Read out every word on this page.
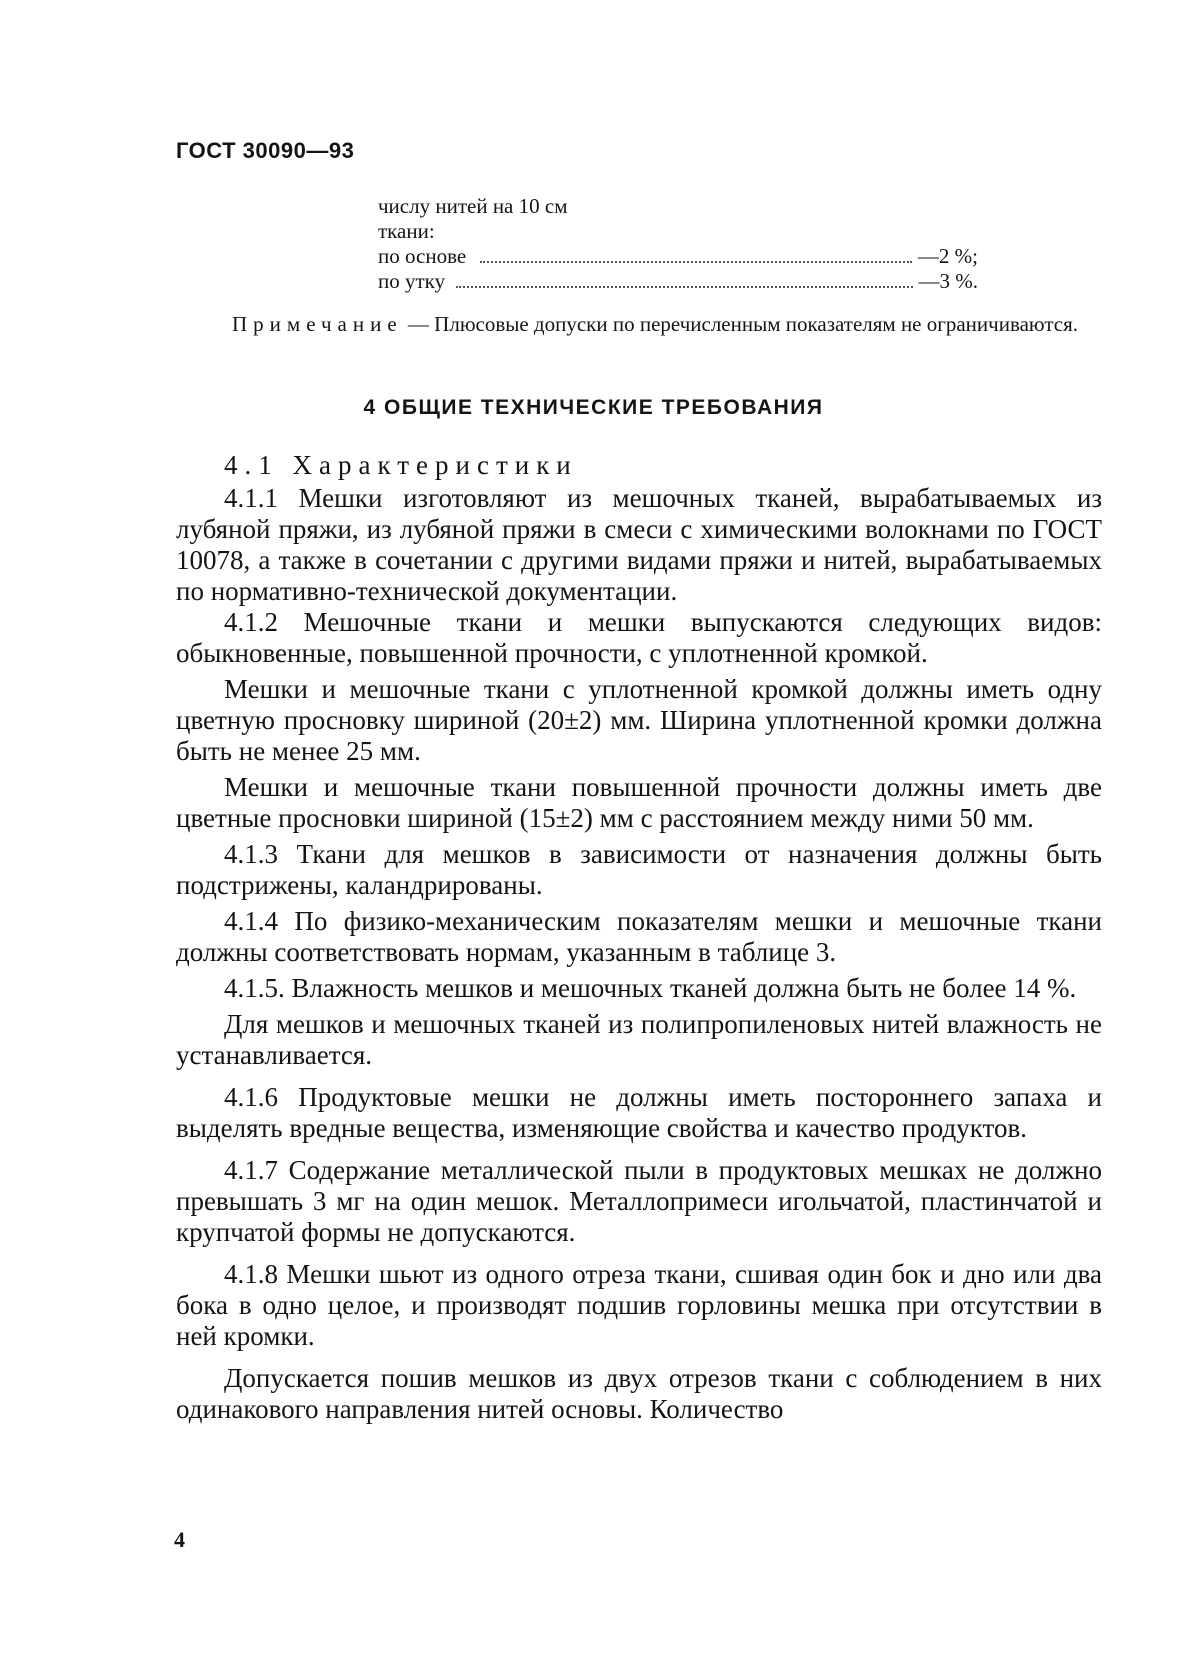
ГОСТ 30090—93
числу нитей на 10 см
ткани:
по основе	—2 %;
по утку	—3 %.
Примечание — Плюсовые допуски по перечисленным показателям не ограничиваются.
4 ОБЩИЕ ТЕХНИЧЕСКИЕ ТРЕБОВАНИЯ

4.1 Характеристики

4.1.1 Мешки изготовляют из мешочных тканей, вырабатываемых из лубяной пряжи, из лубяной пряжи в смеси с химическими волокнами по ГОСТ 10078, а также в сочетании с другими видами пряжи и нитей, вырабатываемых по нормативно-технической документации.

4.1.2 Мешочные ткани и мешки выпускаются следующих видов: обыкновенные, повышенной прочности, с уплотненной кромкой.

Мешки и мешочные ткани с уплотненной кромкой должны иметь одну цветную просновку шириной (20±2) мм. Ширина уплотненной кромки должна быть не менее 25 мм.

Мешки и мешочные ткани повышенной прочности должны иметь две цветные просновки шириной (15±2) мм с расстоянием между ними 50 мм.

4.1.3 Ткани для мешков в зависимости от назначения должны быть подстрижены, каландрированы.

4.1.4 По физико-механическим показателям мешки и мешочные ткани должны соответствовать нормам, указанным в таблице 3.

4.1.5. Влажность мешков и мешочных тканей должна быть не более 14 %.

Для мешков и мешочных тканей из полипропиленовых нитей влажность не устанавливается.

4.1.6 Продуктовые мешки не должны иметь постороннего запаха и выделять вредные вещества, изменяющие свойства и качество продуктов.

4.1.7 Содержание металлической пыли в продуктовых мешках не должно превышать 3 мг на один мешок. Металлопримеси игольчатой, пластинчатой и крупчатой формы не допускаются.

4.1.8 Мешки шьют из одного отреза ткани, сшивая один бок и дно или два бока в одно целое, и производят подшив горловины мешка при отсутствии в ней кромки.

Допускается пошив мешков из двух отрезов ткани с соблюдением в них одинакового направления нитей основы. Количество

4
